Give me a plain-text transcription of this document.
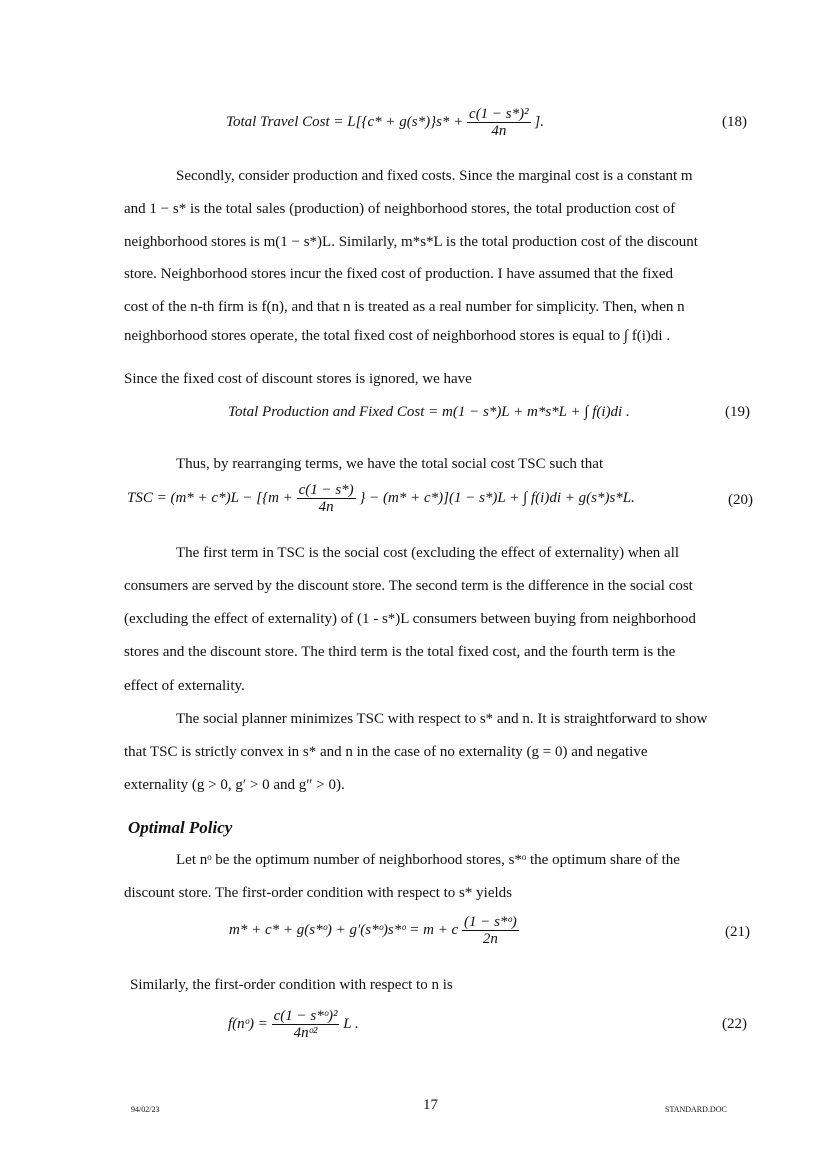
Total Travel Cost = $L[\{c* + g(s*)\}s* + \frac{\text{c(1 − s*)²}}{4n}$ ].	(18)
Secondly, consider production and fixed costs. Since the marginal cost is a constant m
and 1 − s* is the total sales (production) of neighborhood stores, the total production cost of
neighborhood stores is m(1 − s*)L. Similarly, m*s*L is the total production cost of the discount
store. Neighborhood stores incur the fixed cost of production. I have assumed that the fixed
cost of the n-th firm is f(n), and that n is treated as a real number for simplicity. Then, when n
neighborhood stores operate, the total fixed cost of neighborhood stores is equal to ∫ f(i)di .
Since the fixed cost of discount stores is ignored, we have
Total Production and Fixed Cost = m(1 − s*)L + m*s*L + ∫ f(i)di .	(19)
Thus, by rearranging terms, we have the total social cost TSC such that
TSC = $(m* + c*)L - [\{m + \frac{c(1 - s*)}{4n}$ } − (m* + c*)](1 − s*)L + ∫ f(i)di + g(s*)s*L.	(20)
The first term in TSC is the social cost (excluding the effect of externality) when all
consumers are served by the discount store. The second term is the difference in the social cost
(excluding the effect of externality) of (1 - s*)L consumers between buying from neighborhood
stores and the discount store. The third term is the total fixed cost, and the fourth term is the
effect of externality.
The social planner minimizes TSC with respect to s* and n. It is straightforward to show
that TSC is strictly convex in s* and n in the case of no externality (g = 0) and negative
externality (g > 0, g′ > 0 and g″ > 0).
Optimal Policy
Let nᵒ be the optimum number of neighborhood stores, s*ᵒ the optimum share of the
discount store. The first-order condition with respect to s* yields
m* + c* + g(s*ᵒ) + g′(s*ᵒ)s*ᵒ = m + c $\frac{\text{(1 − s*ᵒ)}}{2n}$	(21)
Similarly, the first-order condition with respect to n is
f(nᵒ) = $\frac{\text{c(1 − s*ᵒ)²}}{\text{4nᵒ²}}$ L .	(22)
94/02/23	17	STANDARD.DOC
